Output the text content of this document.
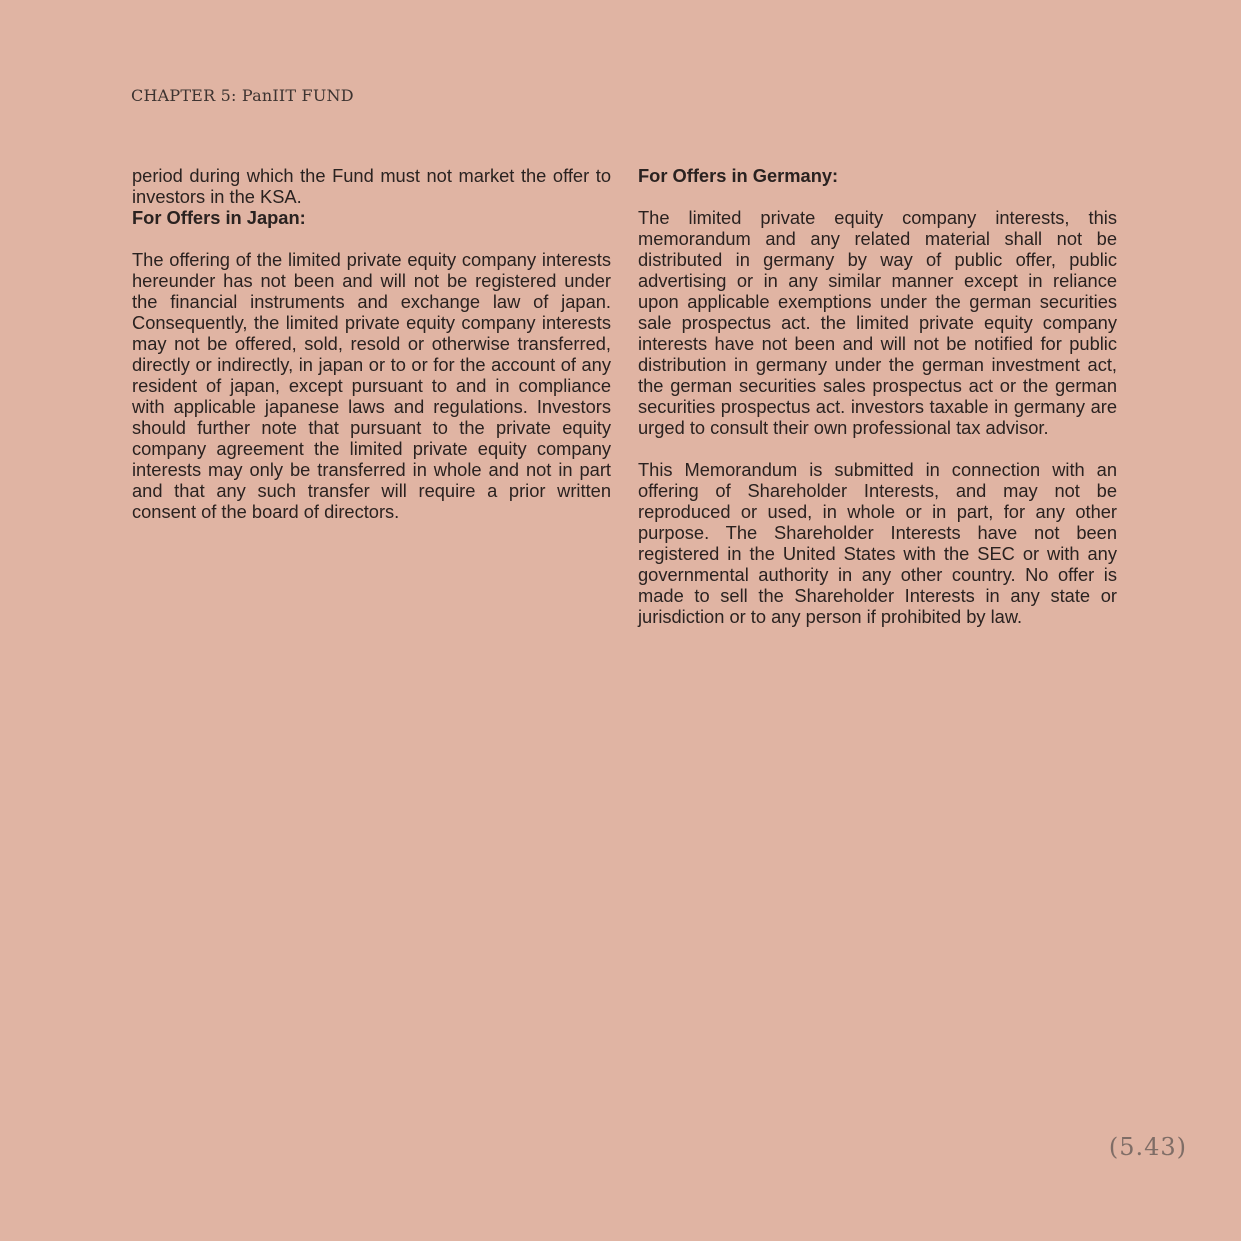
CHAPTER 5: PanIIT FUND

period during which the Fund must not market the offer to investors in the KSA.

For Offers in Japan:

The offering of the limited private equity company interests hereunder has not been and will not be registered under the financial instruments and exchange law of japan. Consequently, the limited private equity company interests may not be offered, sold, resold or otherwise transferred, directly or indirectly, in japan or to or for the account of any resident of japan, except pursuant to and in compliance with applicable japanese laws and regulations. Investors should further note that pursuant to the private equity company agreement the limited private equity company interests may only be transferred in whole and not in part and that any such transfer will require a prior written consent of the board of directors.

For Offers in Germany:

The limited private equity company interests, this memorandum and any related material shall not be distributed in germany by way of public offer, public advertising or in any similar manner except in reliance upon applicable exemptions under the german securities sale prospectus act. the limited private equity company interests have not been and will not be notified for public distribution in germany under the german investment act, the german securities sales prospectus act or the german securities prospectus act. investors taxable in germany are urged to consult their own professional tax advisor.

This Memorandum is submitted in connection with an offering of Shareholder Interests, and may not be reproduced or used, in whole or in part, for any other purpose. The Shareholder Interests have not been registered in the United States with the SEC or with any governmental authority in any other country. No offer is made to sell the Shareholder Interests in any state or jurisdiction or to any person if prohibited by law.

(5.43)
